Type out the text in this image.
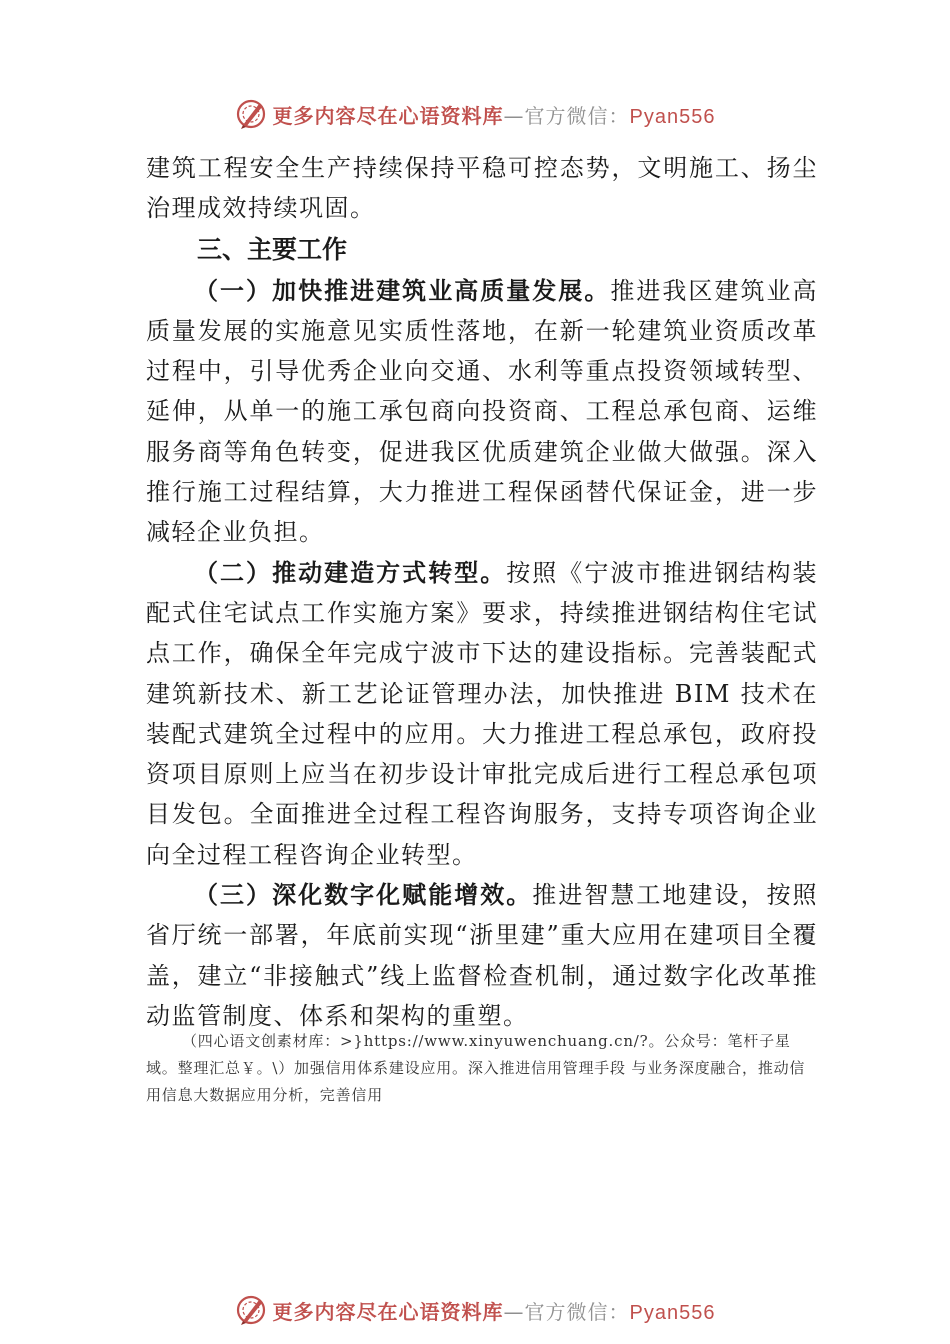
更多内容尽在心语资料库—官方微信：Pyan556

建筑工程安全生产持续保持平稳可控态势，文明施工、扬尘治理成效持续巩固。

三、主要工作

（一）加快推进建筑业高质量发展。推进我区建筑业高质量发展的实施意见实质性落地，在新一轮建筑业资质改革过程中，引导优秀企业向交通、水利等重点投资领域转型、延伸，从单一的施工承包商向投资商、工程总承包商、运维服务商等角色转变，促进我区优质建筑企业做大做强。深入推行施工过程结算，大力推进工程保函替代保证金，进一步减轻企业负担。

（二）推动建造方式转型。按照《宁波市推进钢结构装配式住宅试点工作实施方案》要求，持续推进钢结构住宅试点工作，确保全年完成宁波市下达的建设指标。完善装配式建筑新技术、新工艺论证管理办法，加快推进 BIM 技术在装配式建筑全过程中的应用。大力推进工程总承包，政府投资项目原则上应当在初步设计审批完成后进行工程总承包项目发包。全面推进全过程工程咨询服务，支持专项咨询企业向全过程工程咨询企业转型。

（三）深化数字化赋能增效。推进智慧工地建设，按照省厅统一部署，年底前实现“浙里建”重大应用在建项目全覆盖，建立“非接触式”线上监督检查机制，通过数字化改革推动监管制度、体系和架构的重塑。

（四心语文创素材库：>}https://www.xinyuwenchuang.cn/?。公众号：笔杆子星域。整理汇总￥。\）加强信用体系建设应用。深入推进信用管理手段 与业务深度融合，推动信用信息大数据应用分析，完善信用
更多内容尽在心语资料库—官方微信：Pyan556
